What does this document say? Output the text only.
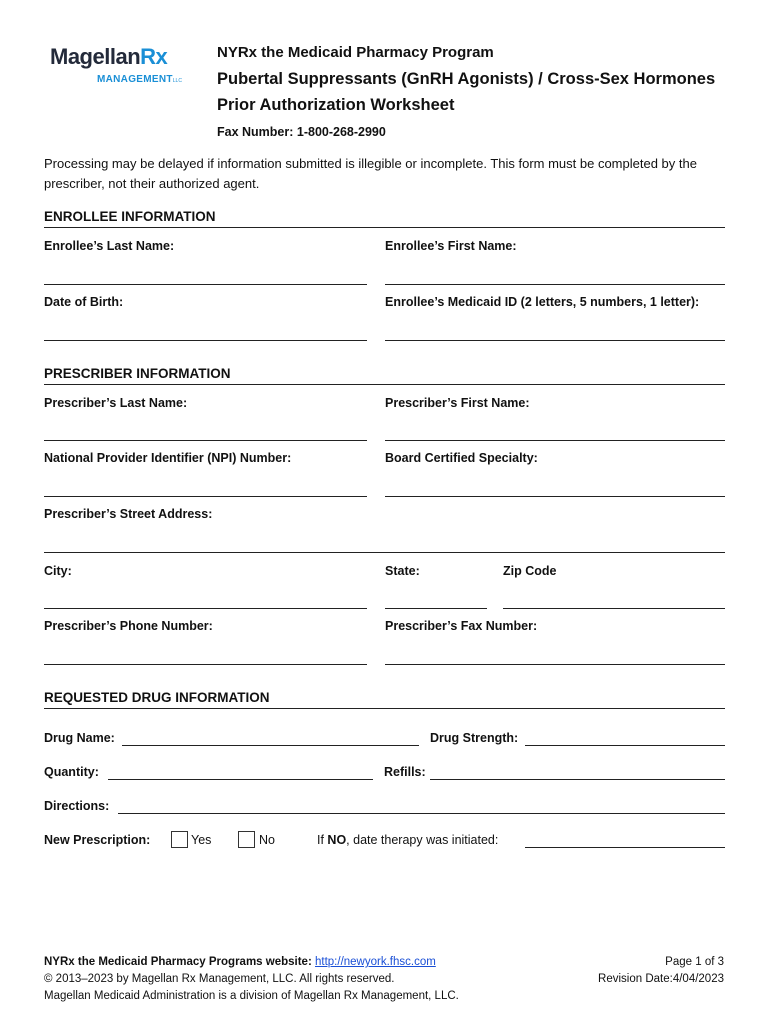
MagellanRx
MANAGEMENTLLC
NYRx the Medicaid Pharmacy Program
Pubertal Suppressants (GnRH Agonists) / Cross-Sex Hormones
Prior Authorization Worksheet
Fax Number: 1-800-268-2990
Processing may be delayed if information submitted is illegible or incomplete. This form must be completed by the prescriber, not their authorized agent.
ENROLLEE INFORMATION
Enrollee’s Last Name:	Enrollee’s First Name:
Date of Birth:	Enrollee’s Medicaid ID (2 letters, 5 numbers, 1 letter):
PRESCRIBER INFORMATION
Prescriber’s Last Name:	Prescriber’s First Name:
National Provider Identifier (NPI) Number:	Board Certified Specialty:
Prescriber’s Street Address:
City:	State:	Zip Code
Prescriber’s Phone Number:	Prescriber’s Fax Number:
REQUESTED DRUG INFORMATION
Drug Name:	Drug Strength:
Quantity:	Refills:
Directions:
New Prescription:	Yes	No	If NO, date therapy was initiated:
NYRx the Medicaid Pharmacy Programs website: http://newyork.fhsc.com
© 2013–2023 by Magellan Rx Management, LLC. All rights reserved.
Magellan Medicaid Administration is a division of Magellan Rx Management, LLC.
Page 1 of 3
Revision Date:4/04/2023
